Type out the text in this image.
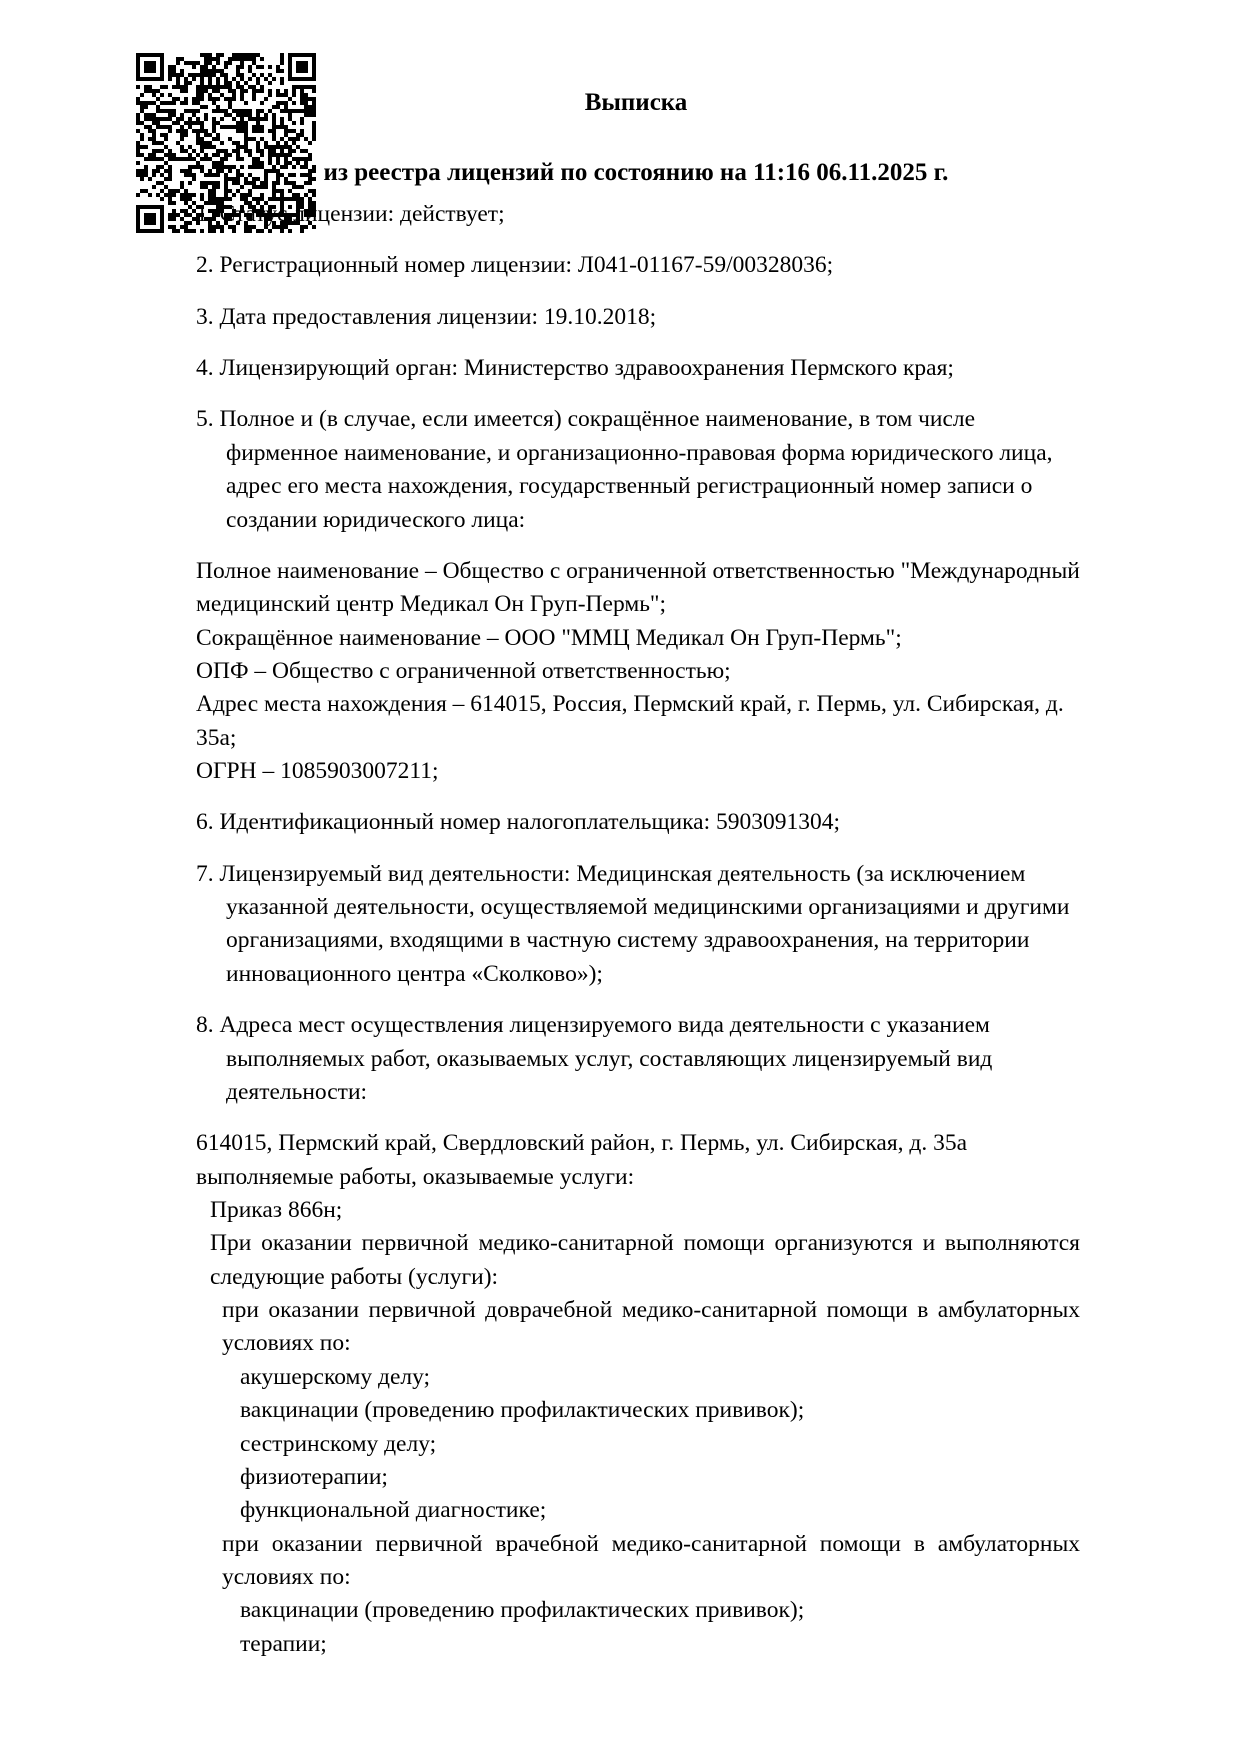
Выписка
из реестра лицензий по состоянию на 11:16 06.11.2025 г.

1. Статус лицензии: действует;

2. Регистрационный номер лицензии: Л041-01167-59/00328036;

3. Дата предоставления лицензии: 19.10.2018;

4. Лицензирующий орган: Министерство здравоохранения Пермского края;

5. Полное и (в случае, если имеется) сокращённое наименование, в том числе фирменное наименование, и организационно-правовая форма юридического лица, адрес его места нахождения, государственный регистрационный номер записи о создании юридического лица:

Полное наименование – Общество с ограниченной ответственностью "Международный медицинский центр Медикал Он Груп-Пермь";

Сокращённое наименование – ООО "ММЦ Медикал Он Груп-Пермь";

ОПФ – Общество с ограниченной ответственностью;

Адрес места нахождения – 614015, Россия, Пермский край, г. Пермь, ул. Сибирская, д. 35а;

ОГРН – 1085903007211;

6. Идентификационный номер налогоплательщика: 5903091304;

7. Лицензируемый вид деятельности: Медицинская деятельность (за исключением указанной деятельности, осуществляемой медицинскими организациями и другими организациями, входящими в частную систему здравоохранения, на территории инновационного центра «Сколково»);

8. Адреса мест осуществления лицензируемого вида деятельности с указанием выполняемых работ, оказываемых услуг, составляющих лицензируемый вид деятельности:

614015, Пермский край, Свердловский район, г. Пермь, ул. Сибирская, д. 35а

выполняемые работы, оказываемые услуги:

Приказ 866н;

При оказании первичной медико-санитарной помощи организуются и выполняются следующие работы (услуги):

при оказании первичной доврачебной медико-санитарной помощи в амбулаторных условиях по:

акушерскому делу;

вакцинации (проведению профилактических прививок);

сестринскому делу;

физиотерапии;

функциональной диагностике;

при оказании первичной врачебной медико-санитарной помощи в амбулаторных условиях по:

вакцинации (проведению профилактических прививок);

терапии;
